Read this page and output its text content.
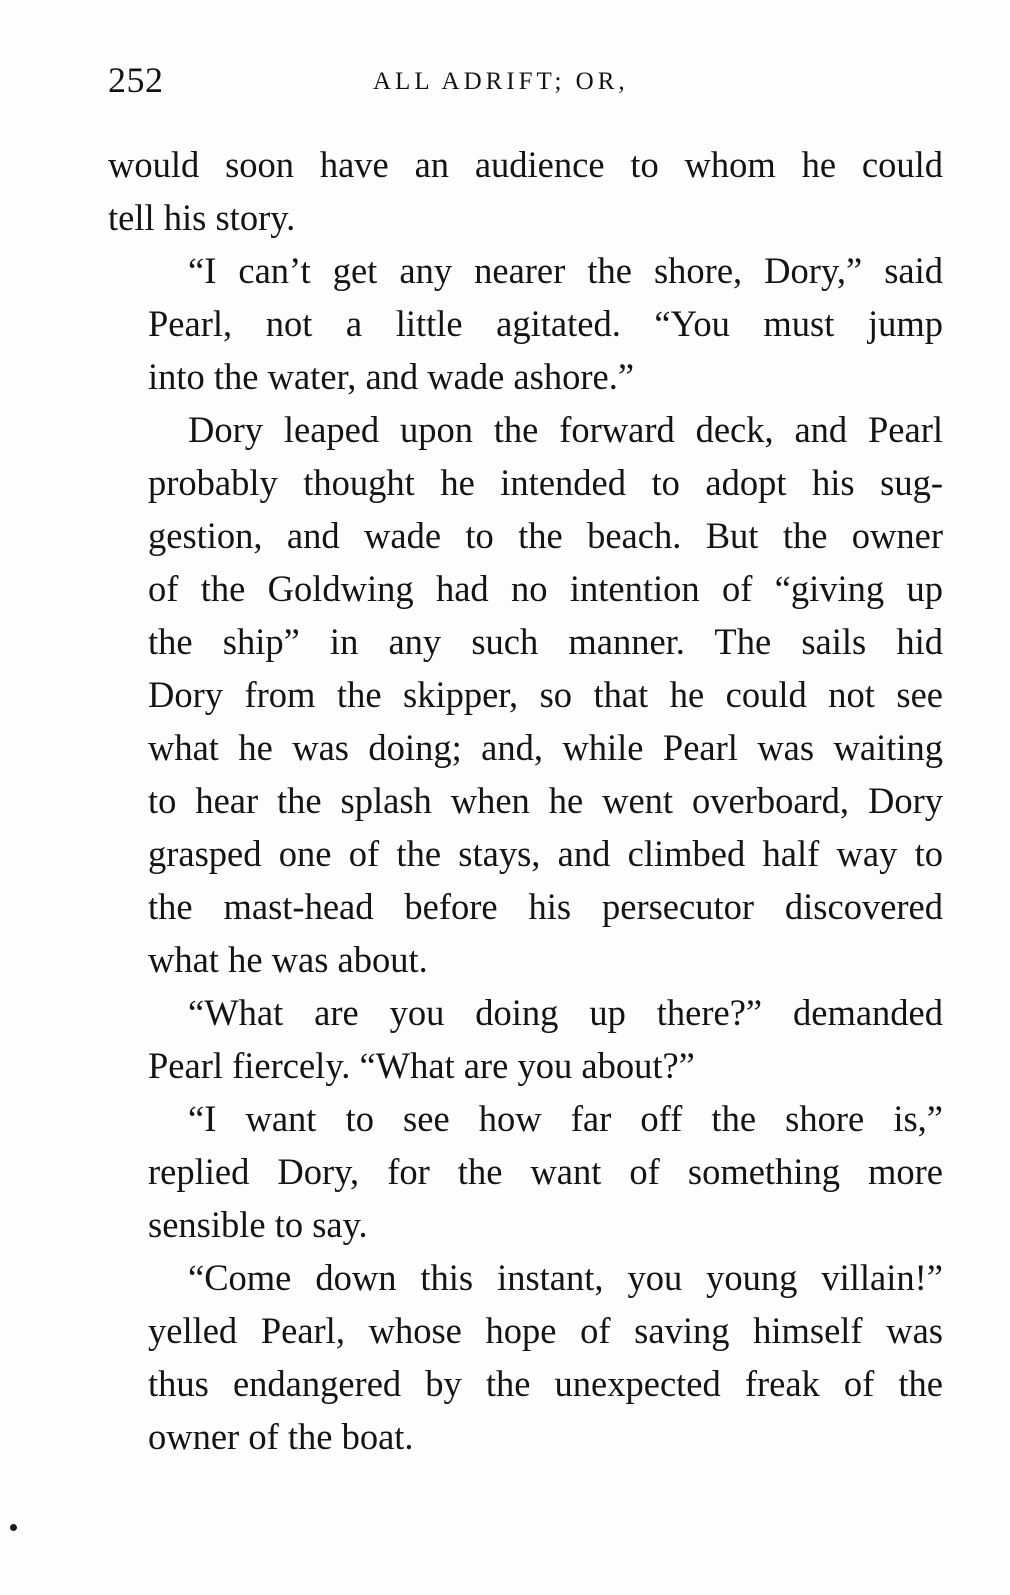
252	ALL ADRIFT; OR,

would soon have an audience to whom he could
tell his story.

“I can’t get any nearer the shore, Dory,” said
Pearl, not a little agitated. “You must jump
into the water, and wade ashore.”

Dory leaped upon the forward deck, and Pearl
probably thought he intended to adopt his sug-
gestion, and wade to the beach. But the owner
of the Goldwing had no intention of “giving up
the ship” in any such manner. The sails hid
Dory from the skipper, so that he could not see
what he was doing; and, while Pearl was waiting
to hear the splash when he went overboard, Dory
grasped one of the stays, and climbed half way to
the mast-head before his persecutor discovered
what he was about.

“What are you doing up there?” demanded
Pearl fiercely. “What are you about?”

“I want to see how far off the shore is,”
replied Dory, for the want of something more
sensible to say.

“Come down this instant, you young villain!”
yelled Pearl, whose hope of saving himself was
thus endangered by the unexpected freak of the
owner of the boat.
